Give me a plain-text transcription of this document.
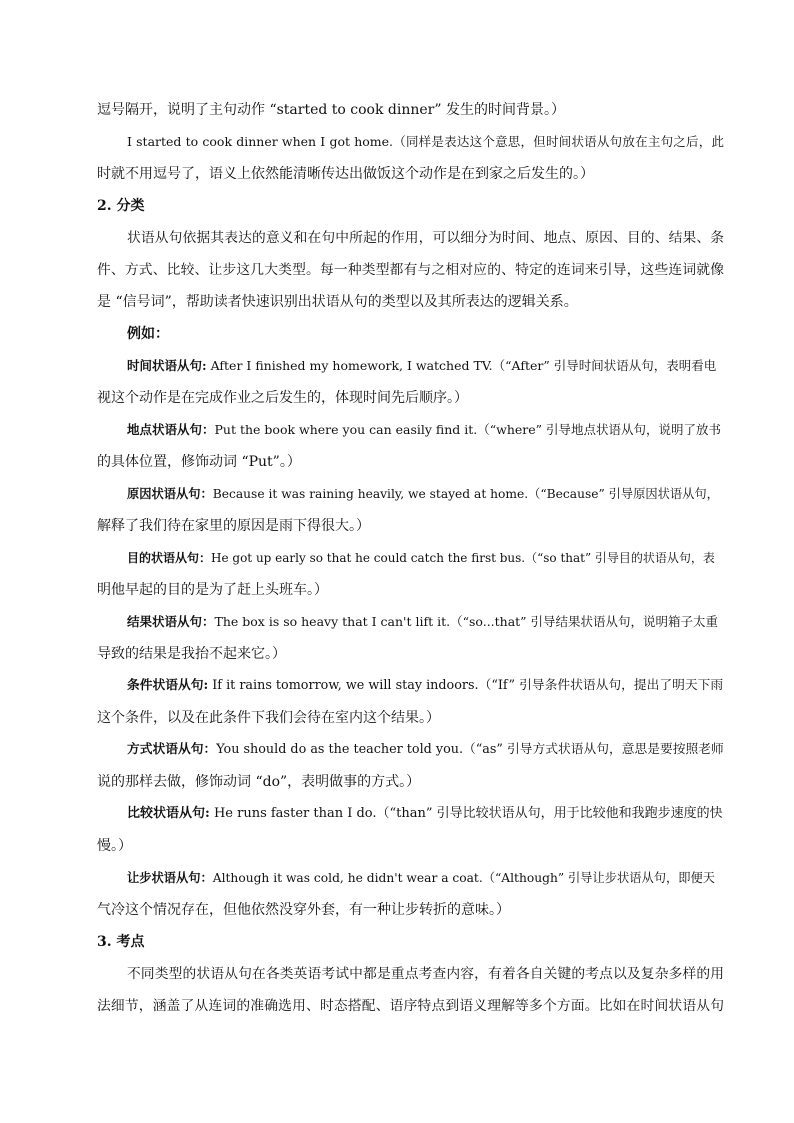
逗号隔开，说明了主句动作 “started to cook dinner” 发生的时间背景。）
I started to cook dinner when I got home.（同样是表达这个意思，但时间状语从句放在主句之后，此
时就不用逗号了，语义上依然能清晰传达出做饭这个动作是在到家之后发生的。）
2. 分类
状语从句依据其表达的意义和在句中所起的作用，可以细分为时间、地点、原因、目的、结果、条
件、方式、比较、让步这几大类型。每一种类型都有与之相对应的、特定的连词来引导，这些连词就像
是 “信号词”，帮助读者快速识别出状语从句的类型以及其所表达的逻辑关系。
例如：
时间状语从句: After I finished my homework, I watched TV.（“After” 引导时间状语从句，表明看电
视这个动作是在完成作业之后发生的，体现时间先后顺序。）
地点状语从句：Put the book where you can easily find it.（“where” 引导地点状语从句，说明了放书
的具体位置，修饰动词 “Put”。）
原因状语从句：Because it was raining heavily, we stayed at home.（“Because” 引导原因状语从句，
解释了我们待在家里的原因是雨下得很大。）
目的状语从句：He got up early so that he could catch the first bus.（“so that” 引导目的状语从句，表
明他早起的目的是为了赶上头班车。）
结果状语从句：The box is so heavy that I can't lift it.（“so...that” 引导结果状语从句，说明箱子太重
导致的结果是我抬不起来它。）
条件状语从句: If it rains tomorrow, we will stay indoors.（“If” 引导条件状语从句，提出了明天下雨
这个条件，以及在此条件下我们会待在室内这个结果。）
方式状语从句：You should do as the teacher told you.（“as” 引导方式状语从句，意思是要按照老师
说的那样去做，修饰动词 “do”，表明做事的方式。）
比较状语从句: He runs faster than I do.（“than” 引导比较状语从句，用于比较他和我跑步速度的快
慢。）
让步状语从句：Although it was cold, he didn't wear a coat.（“Although” 引导让步状语从句，即便天
气冷这个情况存在，但他依然没穿外套，有一种让步转折的意味。）
3. 考点
不同类型的状语从句在各类英语考试中都是重点考查内容，有着各自关键的考点以及复杂多样的用
法细节，涵盖了从连词的准确选用、时态搭配、语序特点到语义理解等多个方面。比如在时间状语从句
